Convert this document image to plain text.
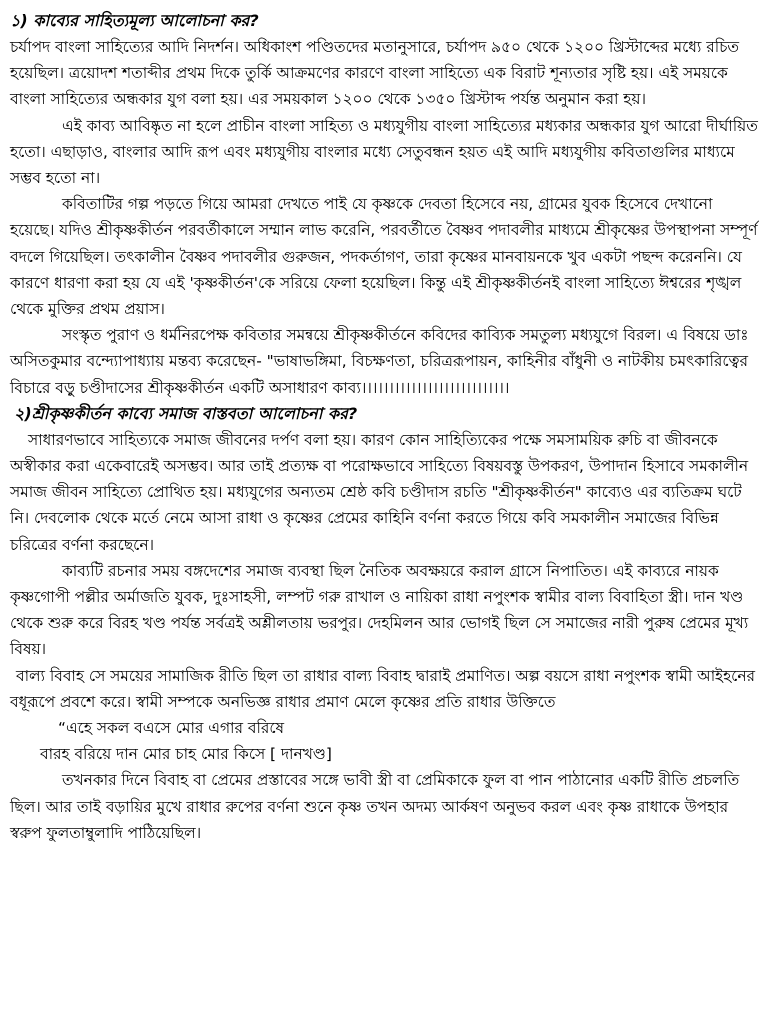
১) কাব্যের সাহিত্যমূল্য আলোচনা কর?

চর্যাপদ বাংলা সাহিত্যের আদি নিদর্শন। অধিকাংশ পণ্ডিতদের মতানুসারে, চর্যাপদ ৯৫০ থেকে ১২০০ খ্রিস্টাব্দের মধ্যে রচিত হয়েছিল। ত্রয়োদশ শতাব্দীর প্রথম দিকে তুর্কি আক্রমণের কারণে বাংলা সাহিত্যে এক বিরাট শূন্যতার সৃষ্টি হয়। এই সময়কে বাংলা সাহিত্যের অন্ধকার যুগ বলা হয়। এর সময়কাল ১২০০ থেকে ১৩৫০ খ্রিস্টাব্দ পর্যন্ত অনুমান করা হয়।

এই কাব্য আবিষ্কৃত না হলে প্রাচীন বাংলা সাহিত্য ও মধ্যযুগীয় বাংলা সাহিত্যের মধ্যকার অন্ধকার যুগ আরো দীর্ঘায়িত হতো। এছাড়াও, বাংলার আদি রূপ এবং মধ্যযুগীয় বাংলার মধ্যে সেতুবন্ধন হয়ত এই আদি মধ্যযুগীয় কবিতাগুলির মাধ্যমে সম্ভব হতো না।

কবিতাটির গল্প পড়তে গিয়ে আমরা দেখতে পাই যে কৃষ্ণকে দেবতা হিসেবে নয়, গ্রামের যুবক হিসেবে দেখানো হয়েছে। যদিও শ্রীকৃষ্ণকীর্তন পরবর্তীকালে সম্মান লাভ করেনি, পরবর্তীতে বৈষ্ণব পদাবলীর মাধ্যমে শ্রীকৃষ্ণের উপস্থাপনা সম্পূর্ণ বদলে গিয়েছিল। তৎকালীন বৈষ্ণব পদাবলীর গুরুজন, পদকর্তাগণ, তারা কৃষ্ণের মানবায়নকে খুব একটা পছন্দ করেননি। যে কারণে ধারণা করা হয় যে এই 'কৃষ্ণকীর্তন'কে সরিয়ে ফেলা হয়েছিল। কিন্তু এই শ্রীকৃষ্ণকীর্তনই বাংলা সাহিত্যে ঈশ্বরের শৃঙ্খল থেকে মুক্তির প্রথম প্রয়াস।

সংস্কৃত পুরাণ ও ধর্মনিরপেক্ষ কবিতার সমন্বয়ে শ্রীকৃষ্ণকীর্তনে কবিদের কাব্যিক সমতুল্য মধ্যযুগে বিরল। এ বিষয়ে ডাঃ অসিতকুমার বন্দ্যোপাধ্যায় মন্তব্য করেছেন- "ভাষাভঙ্গিমা, বিচক্ষণতা, চরিত্ররূপায়ন, কাহিনীর বাঁধুনী ও নাটকীয় চমৎকারিত্বের বিচারে বড়ু চণ্ডীদাসের শ্রীকৃষ্ণকীর্তন একটি অসাধারণ কাব্য।।।।।।।।।।।।।।।।।।।।।।।।।।।

২)শ্রীকৃষ্ণকীর্তন কাব্যে সমাজ বাস্তবতা আলোচনা কর?

সাধারণভাবে সাহিত্যকে সমাজ জীবনের দর্পণ বলা হয়। কারণ কোন সাহিত্যিকের পক্ষে সমসাময়িক রুচি বা জীবনকে অস্বীকার করা একেবারেই অসম্ভব। আর তাই প্রত্যক্ষ বা পরোক্ষভাবে সাহিত্যে বিষয়বস্তু উপকরণ, উপাদান হিসাবে সমকালীন সমাজ জীবন সাহিত্যে প্রোথিত হয়। মধ্যযুগের অন্যতম শ্রেষ্ঠ কবি চণ্ডীদাস রচতি "শ্রীকৃষ্ণকীর্তন" কাব্যেও এর ব্যতিক্রম ঘটে নি। দেবলোক থেকে মর্তে নেমে আসা রাধা ও কৃষ্ণের প্রেমের কাহিনি বর্ণনা করতে গিয়ে কবি সমকালীন সমাজের বিভিন্ন চরিত্রের বর্ণনা করছেনে।

কাব্যটি রচনার সময় বঙ্গদেশের সমাজ ব্যবস্থা ছিল নৈতিক অবক্ষয়রে করাল গ্রাসে নিপাতিত। এই কাব্যরে নায়ক কৃষ্ণগোপী পল্লীর অর্মাজতি যুবক, দুঃসাহসী, লম্পট গরু রাখাল ও নায়িকা রাধা নপুংশক স্বামীর বাল্য বিবাহিতা স্ত্রী। দান খণ্ড থেকে শুরু করে বিরহ খণ্ড পর্যন্ত সর্বত্রই অশ্লীলতায় ভরপুর। দেহমিলন আর ভোগই ছিল সে সমাজের নারী পুরুষ প্রেমের মূখ্য বিষয়।

বাল্য বিবাহ সে সময়ের সামাজিক রীতি ছিল তা রাধার বাল্য বিবাহ দ্বারাই প্রমাণিত। অল্প বয়সে রাধা নপুংশক স্বামী আইহনের বধূরূপে প্রবশে করে। স্বামী সম্পকে অনভিজ্ঞ রাধার প্রমাণ মেলে কৃষ্ণের প্রতি রাধার উক্তিতে

“এহে সকল বএসে মোর এগার বরিষে

বারহ বরিয়ে দান মোর চাহ মোর কিসে [ দানখণ্ড]

তখনকার দিনে বিবাহ বা প্রেমের প্রস্তাবের সঙ্গে ভাবী স্ত্রী বা প্রেমিকাকে ফুল বা পান পাঠানোর একটি রীতি প্রচলতি ছিল। আর তাই বড়ায়ির মুখে রাধার রুপের বর্ণনা শুনে কৃষ্ণ তখন অদম্য আর্কষণ অনুভব করল এবং কৃষ্ণ রাধাকে উপহার স্বরুপ ফুলতাম্বুলাদি পাঠিয়েছিল।
